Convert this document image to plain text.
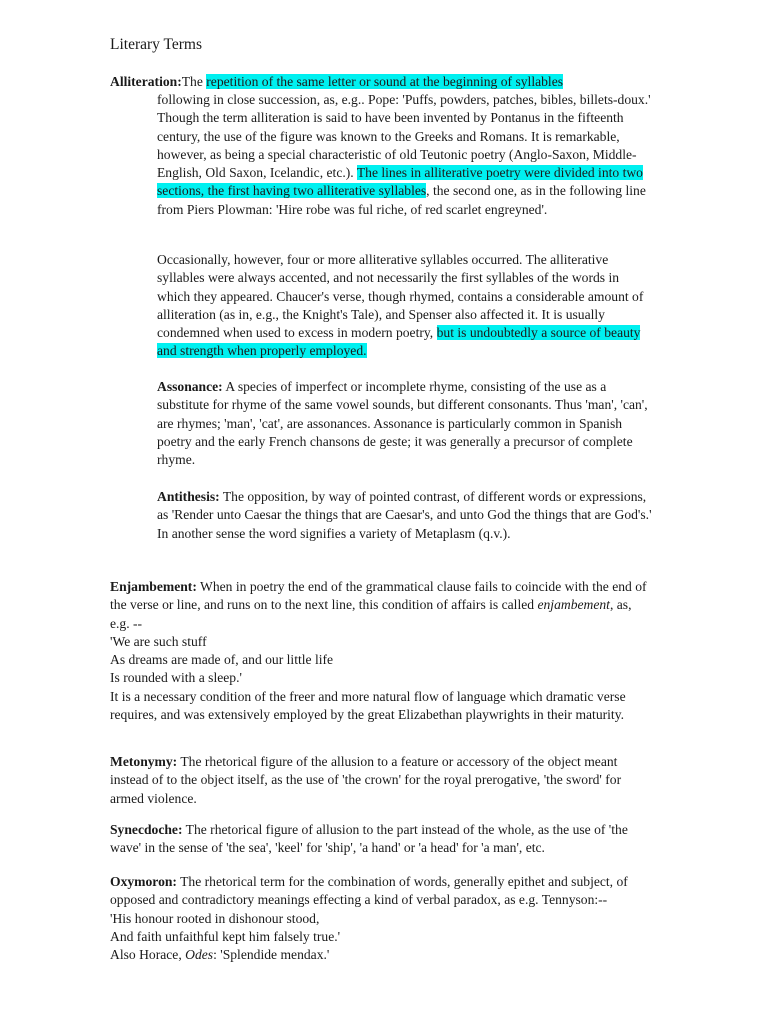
Literary Terms

Alliteration:The repetition of the same letter or sound at the beginning of syllables

following in close succession, as, e.g.. Pope: 'Puffs, powders, patches, bibles, billets-doux.' Though the term alliteration is said to have been invented by Pontanus in the fifteenth century, the use of the figure was known to the Greeks and Romans. It is remarkable, however, as being a special characteristic of old Teutonic poetry (Anglo-Saxon, Middle-English, Old Saxon, Icelandic, etc.). The lines in alliterative poetry were divided into two sections, the first having two alliterative syllables, the second one, as in the following line from Piers Plowman: 'Hire robe was ful riche, of red scarlet engreyned'.

Occasionally, however, four or more alliterative syllables occurred. The alliterative syllables were always accented, and not necessarily the first syllables of the words in which they appeared. Chaucer's verse, though rhymed, contains a considerable amount of alliteration (as in, e.g., the Knight's Tale), and Spenser also affected it. It is usually condemned when used to excess in modern poetry, but is undoubtedly a source of beauty and strength when properly employed.

Assonance: A species of imperfect or incomplete rhyme, consisting of the use as a substitute for rhyme of the same vowel sounds, but different consonants. Thus 'man', 'can', are rhymes; 'man', 'cat', are assonances. Assonance is particularly common in Spanish poetry and the early French chansons de geste; it was generally a precursor of complete rhyme.

Antithesis: The opposition, by way of pointed contrast, of different words or expressions, as 'Render unto Caesar the things that are Caesar's, and unto God the things that are God's.' In another sense the word signifies a variety of Metaplasm (q.v.).

Enjambement: When in poetry the end of the grammatical clause fails to coincide with the end of the verse or line, and runs on to the next line, this condition of affairs is called enjambement, as, e.g. --
'We are such stuff
As dreams are made of, and our little life
Is rounded with a sleep.'
It is a necessary condition of the freer and more natural flow of language which dramatic verse requires, and was extensively employed by the great Elizabethan playwrights in their maturity.

Metonymy: The rhetorical figure of the allusion to a feature or accessory of the object meant instead of to the object itself, as the use of 'the crown' for the royal prerogative, 'the sword' for armed violence.

Synecdoche: The rhetorical figure of allusion to the part instead of the whole, as the use of 'the wave' in the sense of 'the sea', 'keel' for 'ship', 'a hand' or 'a head' for 'a man', etc.

Oxymoron: The rhetorical term for the combination of words, generally epithet and subject, of opposed and contradictory meanings effecting a kind of verbal paradox, as e.g. Tennyson:--
'His honour rooted in dishonour stood,
And faith unfaithful kept him falsely true.'
Also Horace, Odes: 'Splendide mendax.'
